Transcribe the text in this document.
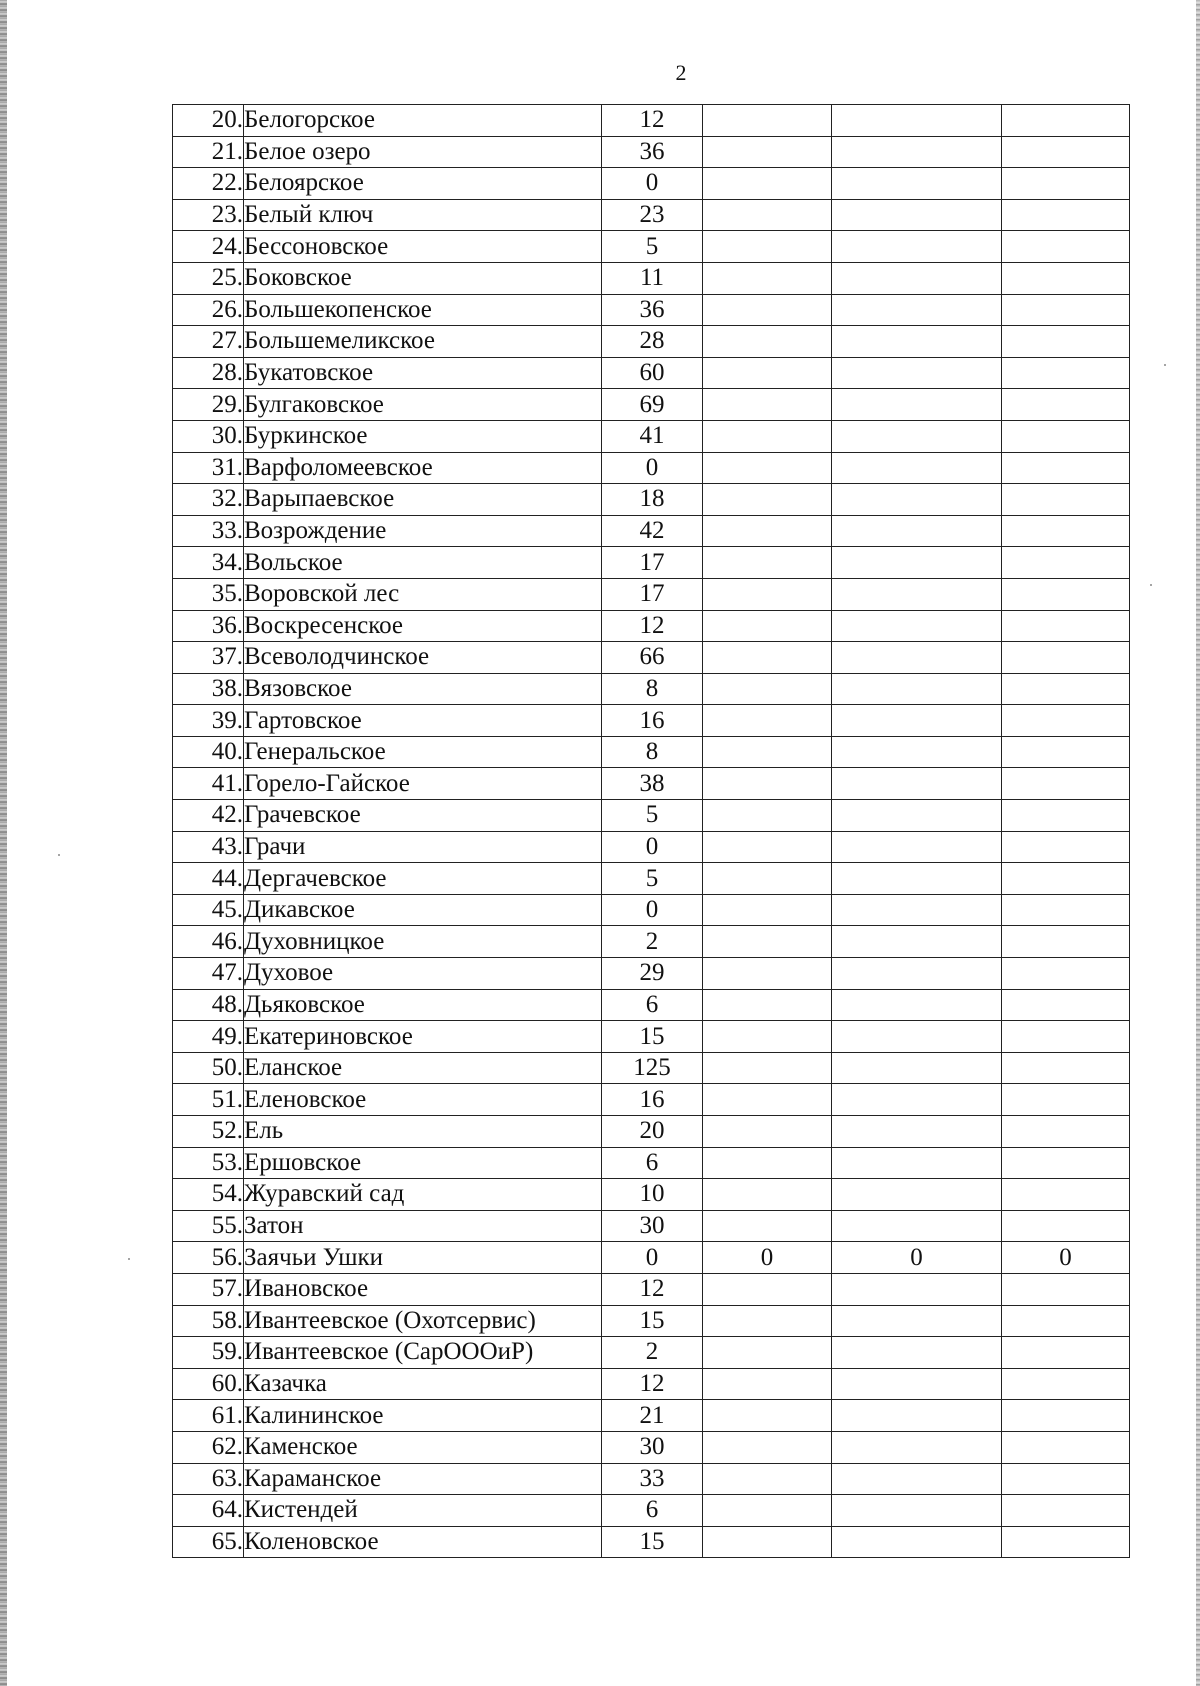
2
20.	Белогорское	12			
21.	Белое озеро	36			
22.	Белоярское	0			
23.	Белый ключ	23			
24.	Бессоновское	5			
25.	Боковское	11			
26.	Большекопенское	36			
27.	Большемеликское	28			
28.	Букатовское	60			
29.	Булгаковское	69			
30.	Буркинское	41			
31.	Варфоломеевское	0			
32.	Варыпаевское	18			
33.	Возрождение	42			
34.	Вольское	17			
35.	Воровской лес	17			
36.	Воскресенское	12			
37.	Всеволодчинское	66			
38.	Вязовское	8			
39.	Гартовское	16			
40.	Генеральское	8			
41.	Горело-Гайское	38			
42.	Грачевское	5			
43.	Грачи	0			
44.	Дергачевское	5			
45.	Дикавское	0			
46.	Духовницкое	2			
47.	Духовое	29			
48.	Дьяковское	6			
49.	Екатериновское	15			
50.	Еланское	125			
51.	Еленовское	16			
52.	Ель	20			
53.	Ершовское	6			
54.	Журавский сад	10			
55.	Затон	30			
56.	Заячьи Ушки	0	0	0	0
57.	Ивановское	12			
58.	Ивантеевское (Охотсервис)	15			
59.	Ивантеевское (СарОООиР)	2			
60.	Казачка	12			
61.	Калининское	21			
62.	Каменское	30			
63.	Караманское	33			
64.	Кистендей	6			
65.	Коленовское	15			
